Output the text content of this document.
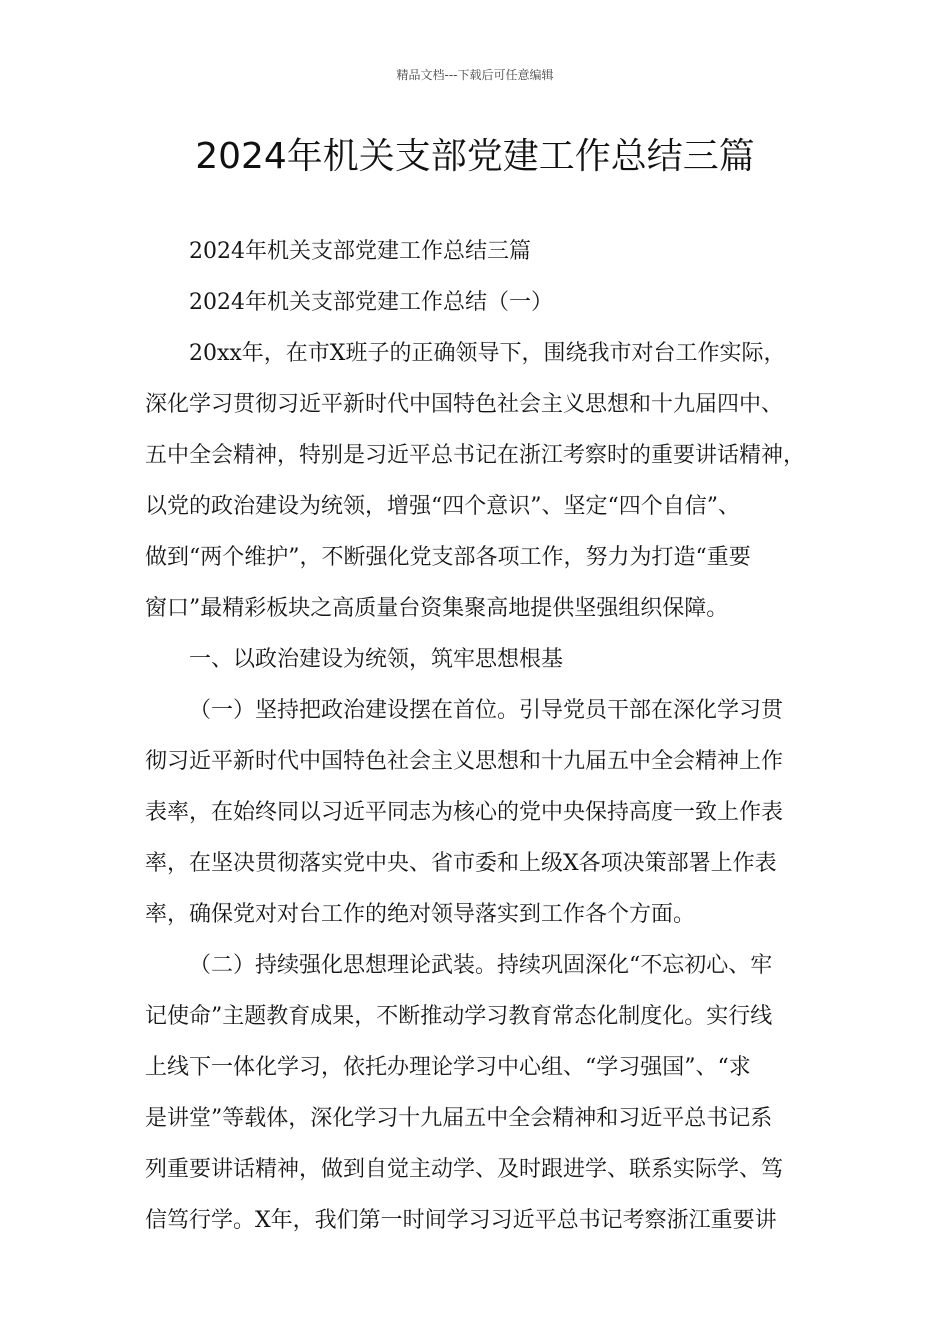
精品文档---下载后可任意编辑
2024年机关支部党建工作总结三篇
2024年机关支部党建工作总结三篇
2024年机关支部党建工作总结（一）
20xx年，在市X班子的正确领导下，围绕我市对台工作实际，
深化学习贯彻习近平新时代中国特色社会主义思想和十九届四中、
五中全会精神，特别是习近平总书记在浙江考察时的重要讲话精神，
以党的政治建设为统领，增强“四个意识”、坚定“四个自信”、
做到“两个维护”，不断强化党支部各项工作，努力为打造“重要
窗口”最精彩板块之高质量台资集聚高地提供坚强组织保障。
一、以政治建设为统领，筑牢思想根基
（一）坚持把政治建设摆在首位。引导党员干部在深化学习贯
彻习近平新时代中国特色社会主义思想和十九届五中全会精神上作
表率，在始终同以习近平同志为核心的党中央保持高度一致上作表
率，在坚决贯彻落实党中央、省市委和上级X各项决策部署上作表
率，确保党对对台工作的绝对领导落实到工作各个方面。
（二）持续强化思想理论武装。持续巩固深化“不忘初心、牢
记使命”主题教育成果，不断推动学习教育常态化制度化。实行线
上线下一体化学习，依托办理论学习中心组、“学习强国”、“求
是讲堂”等载体，深化学习十九届五中全会精神和习近平总书记系
列重要讲话精神，做到自觉主动学、及时跟进学、联系实际学、笃
信笃行学。X年，我们第一时间学习习近平总书记考察浙江重要讲
